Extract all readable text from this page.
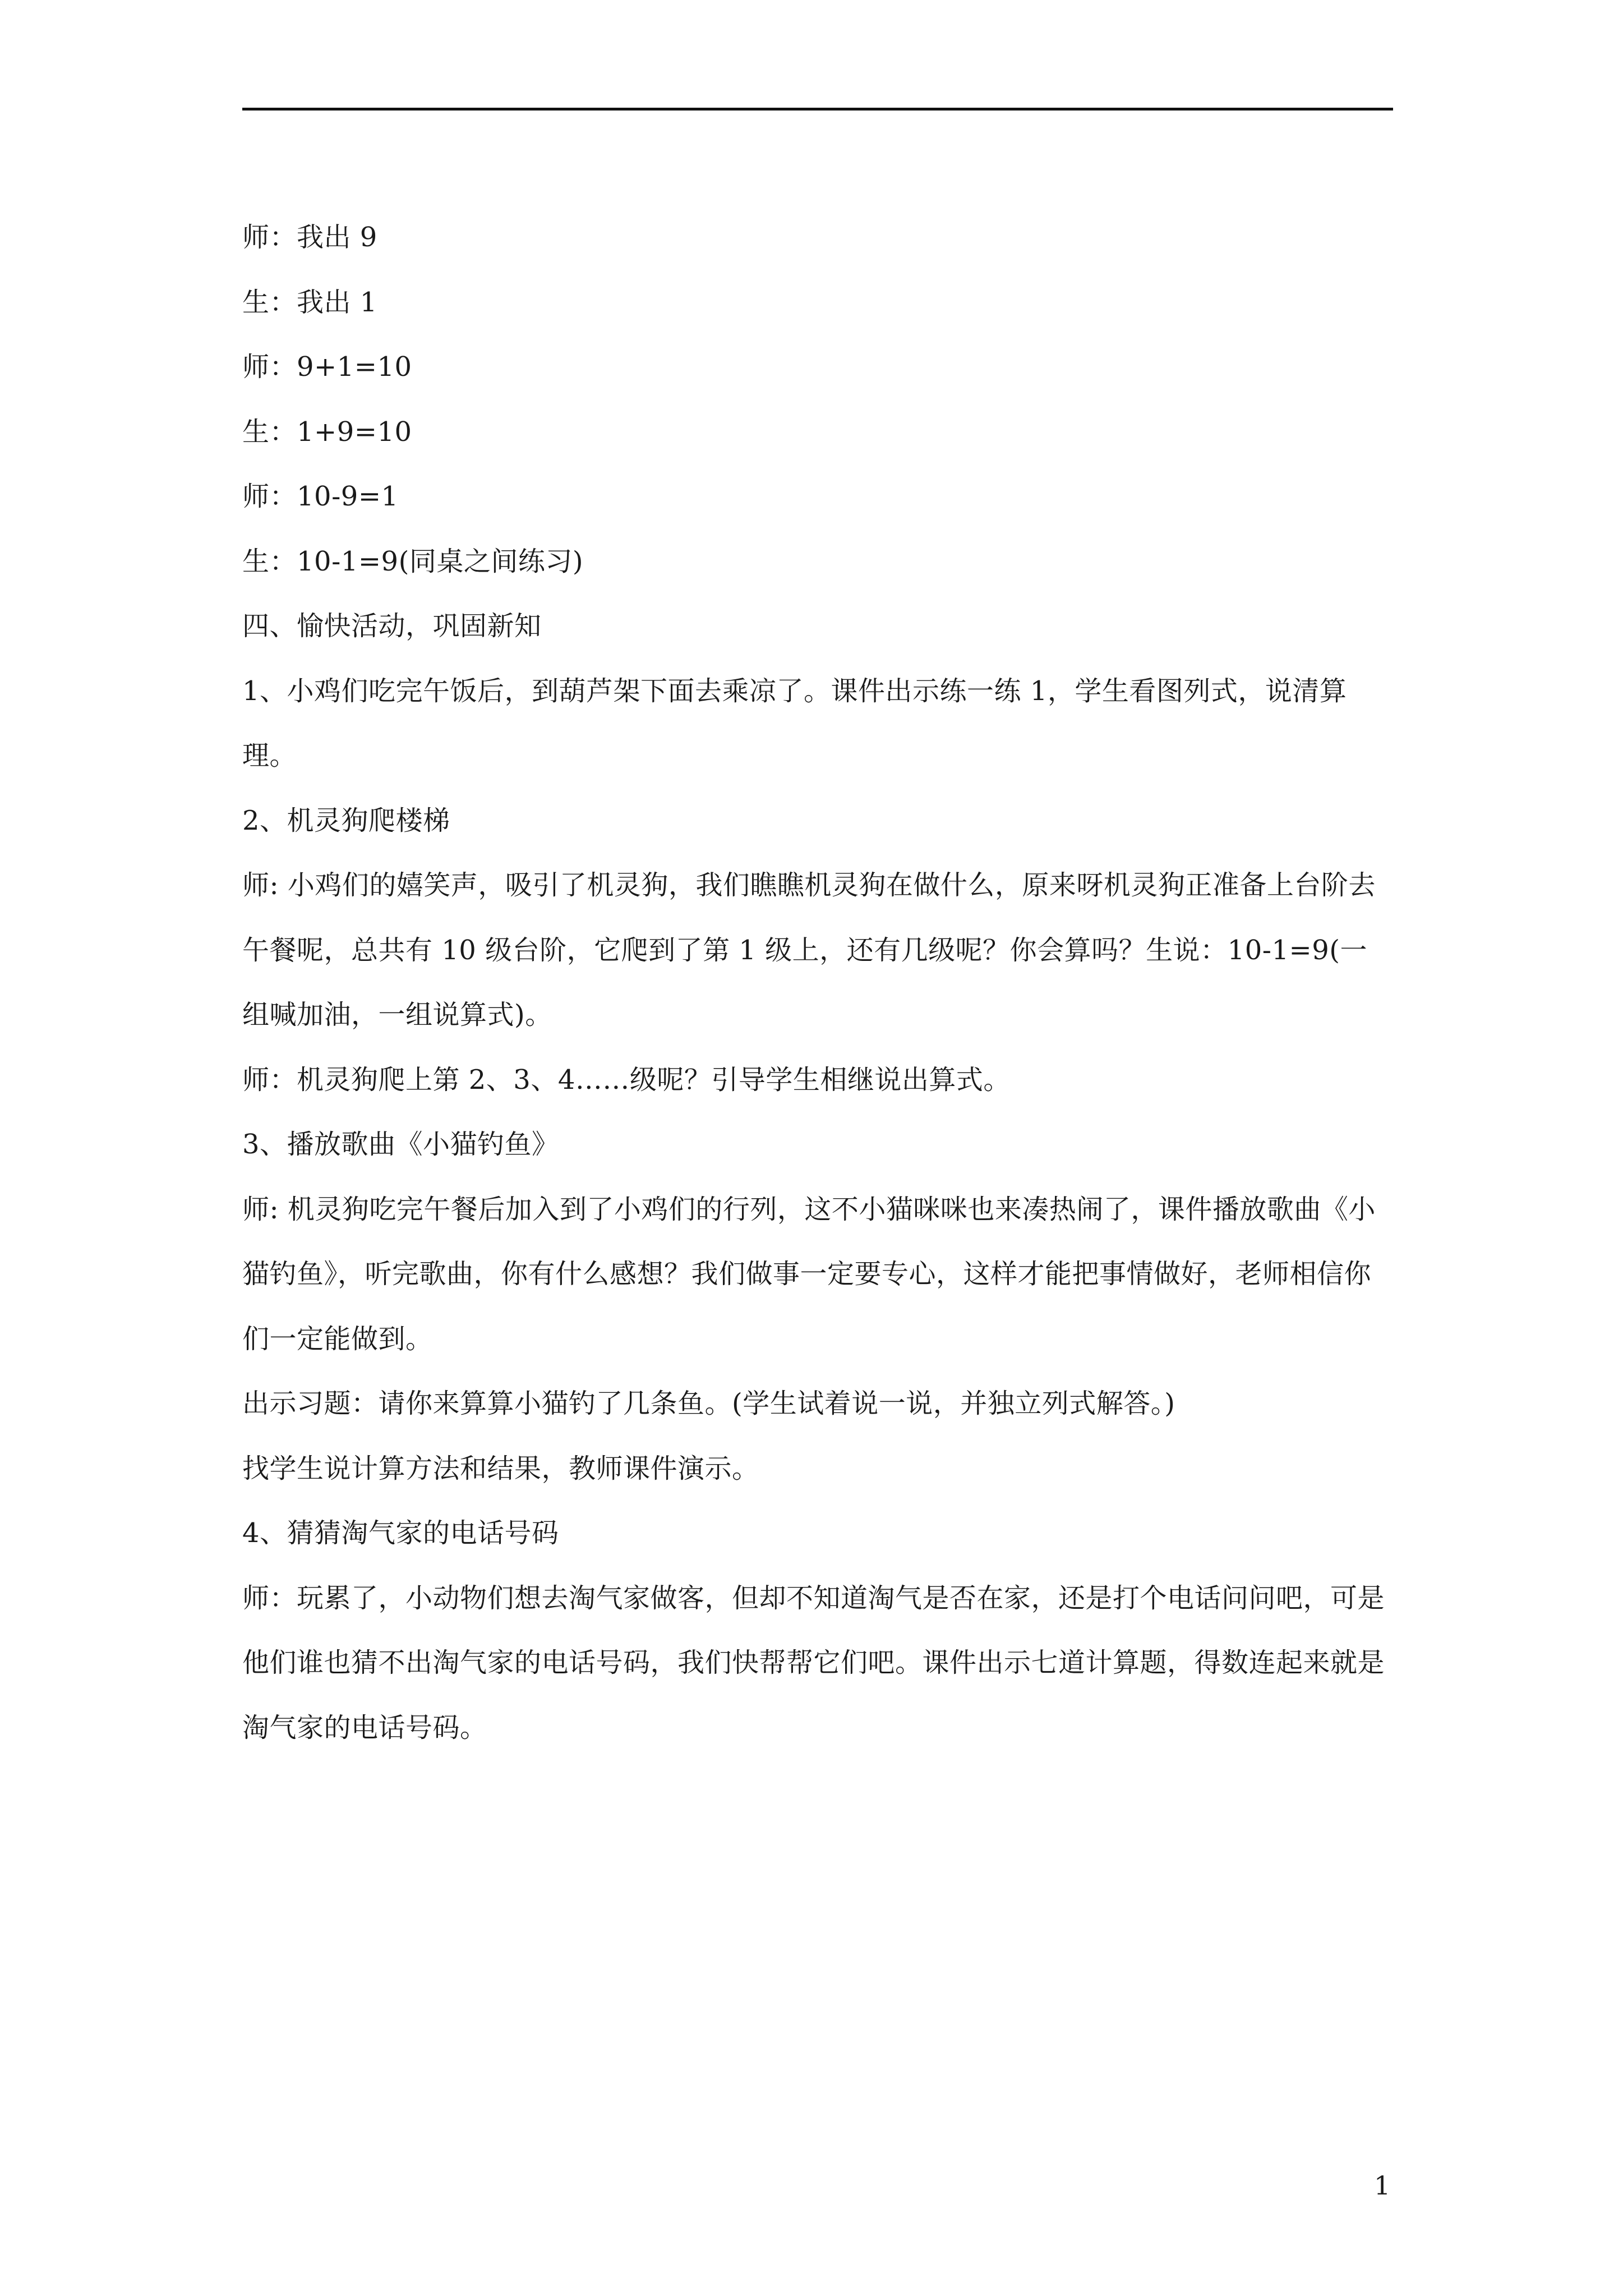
师：我出 9
生：我出 1
师：9+1=10
生：1+9=10
师：10-9=1
生：10-1=9(同桌之间练习)
四、愉快活动，巩固新知
1、小鸡们吃完午饭后，到葫芦架下面去乘凉了。课件出示练一练 1，学生看图列式，说清算理。
2、机灵狗爬楼梯
师: 小鸡们的嬉笑声，吸引了机灵狗，我们瞧瞧机灵狗在做什么，原来呀机灵狗正准备上台阶去午餐呢，总共有 10 级台阶，它爬到了第 1 级上，还有几级呢？你会算吗？生说：10-1=9(一组喊加油，一组说算式)。
师：机灵狗爬上第 2、3、4……级呢？引导学生相继说出算式。
3、播放歌曲《小猫钓鱼》
师: 机灵狗吃完午餐后加入到了小鸡们的行列，这不小猫咪咪也来凑热闹了，课件播放歌曲《小猫钓鱼》，听完歌曲，你有什么感想？我们做事一定要专心，这样才能把事情做好，老师相信你们一定能做到。
出示习题：请你来算算小猫钓了几条鱼。(学生试着说一说，并独立列式解答。)
找学生说计算方法和结果，教师课件演示。
4、猜猜淘气家的电话号码
师：玩累了，小动物们想去淘气家做客，但却不知道淘气是否在家，还是打个电话问问吧，可是他们谁也猜不出淘气家的电话号码，我们快帮帮它们吧。课件出示七道计算题，得数连起来就是淘气家的电话号码。
1
